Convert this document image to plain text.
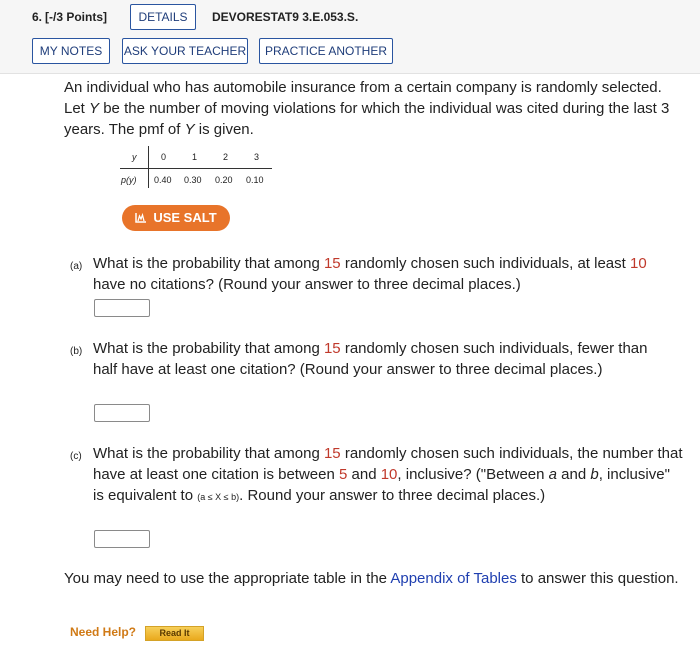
6. [-/3 Points]	DETAILS	DEVORESTAT9 3.E.053.S.
MY NOTES	ASK YOUR TEACHER	PRACTICE ANOTHER
An individual who has automobile insurance from a certain company is randomly selected. Let Y be the number of moving violations for which the individual was cited during the last 3 years. The pmf of Y is given.
y	0	1	2	3
p(y) 0.40 0.30 0.20 0.10
USE SALT
(a) What is the probability that among 15 randomly chosen such individuals, at least 10 have no citations? (Round your answer to three decimal places.)
(b) What is the probability that among 15 randomly chosen such individuals, fewer than half have at least one citation? (Round your answer to three decimal places.)
(c) What is the probability that among 15 randomly chosen such individuals, the number that have at least one citation is between 5 and 10, inclusive? ("Between a and b, inclusive" is equivalent to (a ≤ X ≤ b). Round your answer to three decimal places.)
You may need to use the appropriate table in the Appendix of Tables to answer this question.
Need Help?	Read It
